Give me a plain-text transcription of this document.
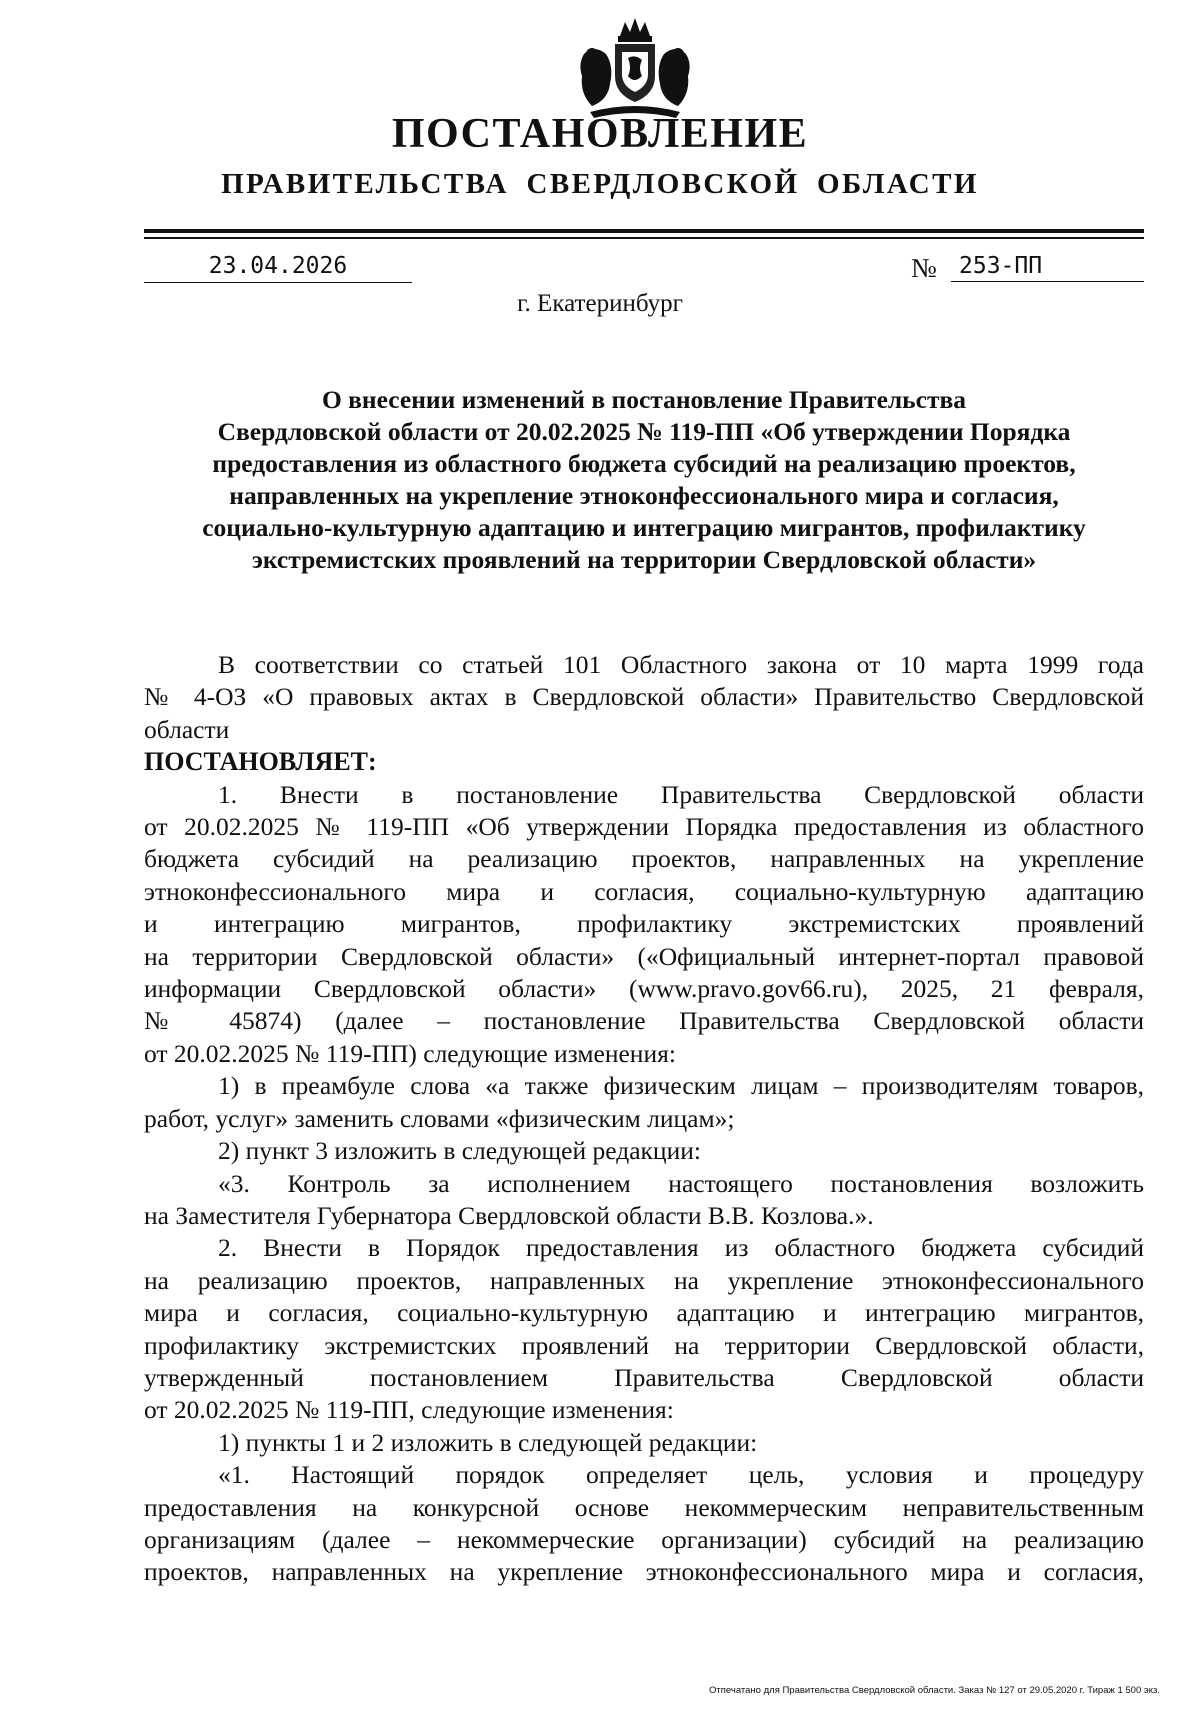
ПОСТАНОВЛЕНИЕ
ПРАВИТЕЛЬСТВА СВЕРДЛОВСКОЙ ОБЛАСТИ
23.04.2026	№ 253-ПП
г. Екатеринбург
О внесении изменений в постановление Правительства
Свердловской области от 20.02.2025 № 119-ПП «Об утверждении Порядка
предоставления из областного бюджета субсидий на реализацию проектов,
направленных на укрепление этноконфессионального мира и согласия,
социально-культурную адаптацию и интеграцию мигрантов, профилактику
экстремистских проявлений на территории Свердловской области»
В соответствии со статьей 101 Областного закона от 10 марта 1999 года
№ 4-ОЗ «О правовых актах в Свердловской области» Правительство Свердловской
области
ПОСТАНОВЛЯЕТ:
1. Внести в постановление Правительства Свердловской области
от 20.02.2025 № 119-ПП «Об утверждении Порядка предоставления из областного
бюджета субсидий на реализацию проектов, направленных на укрепление
этноконфессионального мира и согласия, социально-культурную адаптацию
и интеграцию мигрантов, профилактику экстремистских проявлений
на территории Свердловской области» («Официальный интернет-портал правовой
информации Свердловской области» (www.pravo.gov66.ru), 2025, 21 февраля,
№ 45874) (далее – постановление Правительства Свердловской области
от 20.02.2025 № 119-ПП) следующие изменения:
1) в преамбуле слова «а также физическим лицам – производителям товаров,
работ, услуг» заменить словами «физическим лицам»;
2) пункт 3 изложить в следующей редакции:
«3. Контроль за исполнением настоящего постановления возложить
на Заместителя Губернатора Свердловской области В.В. Козлова.».
2. Внести в Порядок предоставления из областного бюджета субсидий
на реализацию проектов, направленных на укрепление этноконфессионального
мира и согласия, социально-культурную адаптацию и интеграцию мигрантов,
профилактику экстремистских проявлений на территории Свердловской области,
утвержденный постановлением Правительства Свердловской области
от 20.02.2025 № 119-ПП, следующие изменения:
1) пункты 1 и 2 изложить в следующей редакции:
«1. Настоящий порядок определяет цель, условия и процедуру
предоставления на конкурсной основе некоммерческим неправительственным
организациям (далее – некоммерческие организации) субсидий на реализацию
проектов, направленных на укрепление этноконфессионального мира и согласия,
Отпечатано для Правительства Свердловской области. Заказ № 127 от 29.05.2020 г. Тираж 1 500 экз.
